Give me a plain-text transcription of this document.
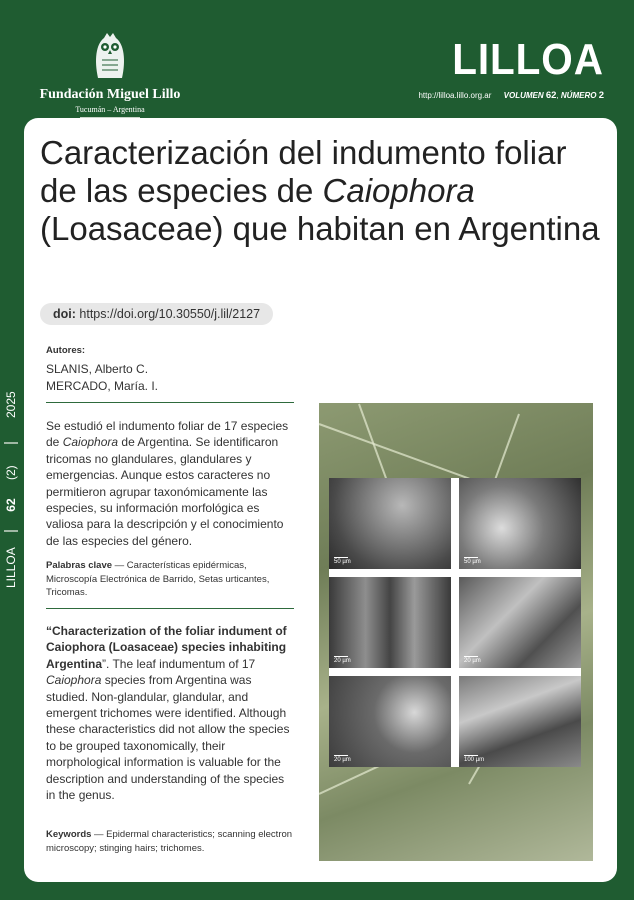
Fundación Miguel Lillo
Tucumán – Argentina
LILLOA
http://lilloa.lillo.org.ar VOLUMEN 62, NÚMERO 2
2025
(2)
62
LILLOA
Caracterización del indumento foliar de las especies de Caiophora (Loasaceae) que habitan en Argentina
doi: https://doi.org/10.30550/j.lil/2127
Autores:
SLANIS, Alberto C.
MERCADO, María. I.
Se estudió el indumento foliar de 17 especies de Caiophora de Argentina. Se identificaron tricomas no glandulares, glandulares y emergencias. Aunque estos caracteres no permitieron agrupar taxonómicamente las especies, su información morfológica es valiosa para la descripción y el conocimiento de las especies del género.
Palabras clave — Características epidérmicas, Microscopía Electrónica de Barrido, Setas urticantes, Tricomas.
“Characterization of the foliar indument of Caiophora (Loasaceae) species inhabiting Argentina”. The leaf indumentum of 17 Caiophora species from Argentina was studied. Non-glandular, glandular, and emergent trichomes were identified. Although these characteristics did not allow the species to be grouped taxonomically, their morphological information is valuable for the description and understanding of the species in the genus.
Keywords — Epidermal characteristics; scanning electron microscopy; stinging hairs; trichomes.
50 µm	50 µm
20 µm	20 µm
20 µm	100 µm
